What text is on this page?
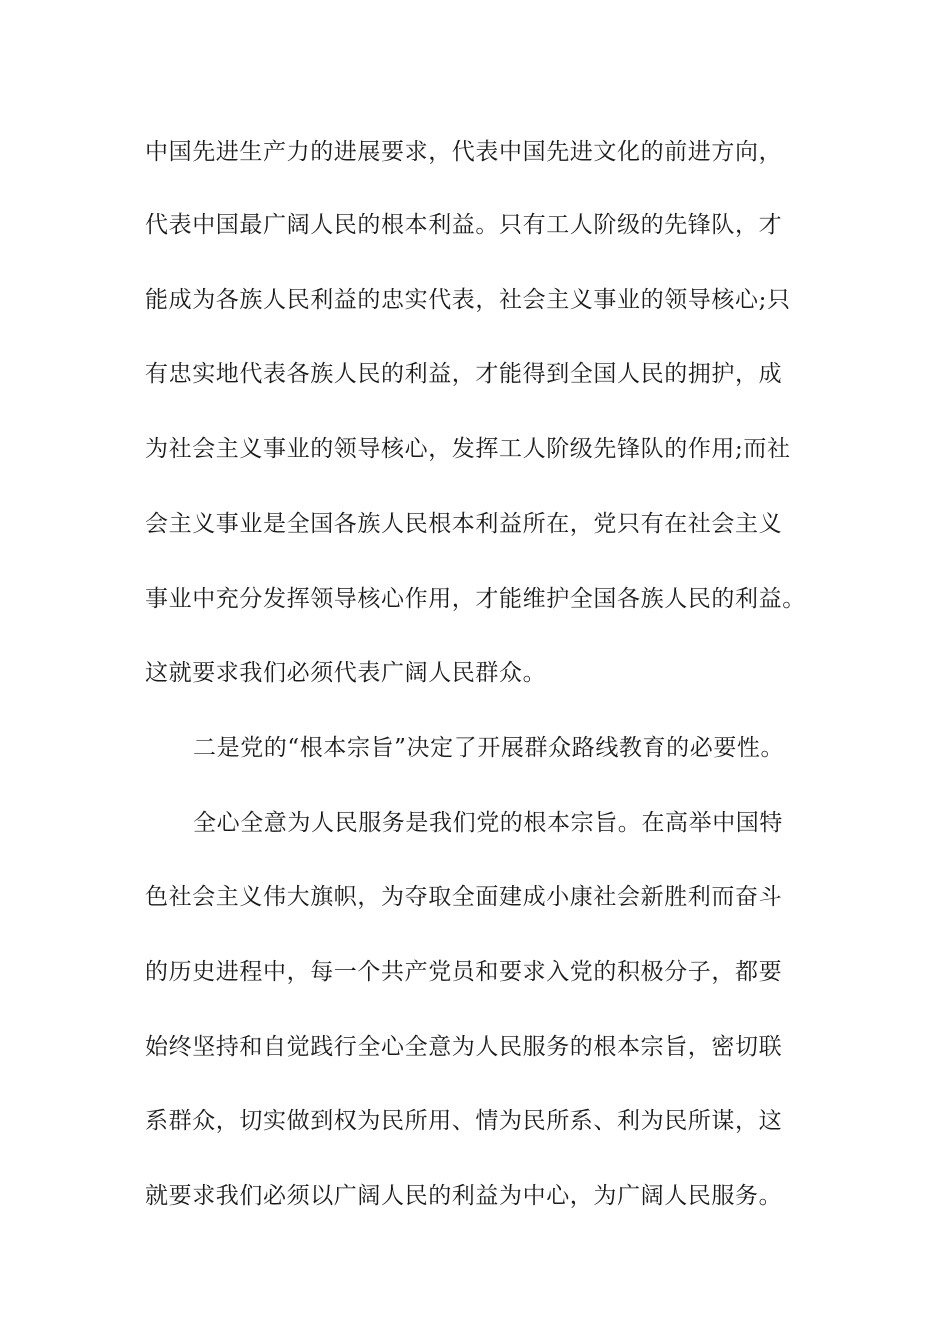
中国先进生产力的进展要求，代表中国先进文化的前进方向，
代表中国最广阔人民的根本利益。只有工人阶级的先锋队，才
能成为各族人民利益的忠实代表，社会主义事业的领导核心;只
有忠实地代表各族人民的利益，才能得到全国人民的拥护，成
为社会主义事业的领导核心，发挥工人阶级先锋队的作用;而社
会主义事业是全国各族人民根本利益所在，党只有在社会主义
事业中充分发挥领导核心作用，才能维护全国各族人民的利益。
这就要求我们必须代表广阔人民群众。
二是党的“根本宗旨”决定了开展群众路线教育的必要性。
全心全意为人民服务是我们党的根本宗旨。在高举中国特
色社会主义伟大旗帜，为夺取全面建成小康社会新胜利而奋斗
的历史进程中，每一个共产党员和要求入党的积极分子，都要
始终坚持和自觉践行全心全意为人民服务的根本宗旨，密切联
系群众，切实做到权为民所用、情为民所系、利为民所谋，这
就要求我们必须以广阔人民的利益为中心，为广阔人民服务。
